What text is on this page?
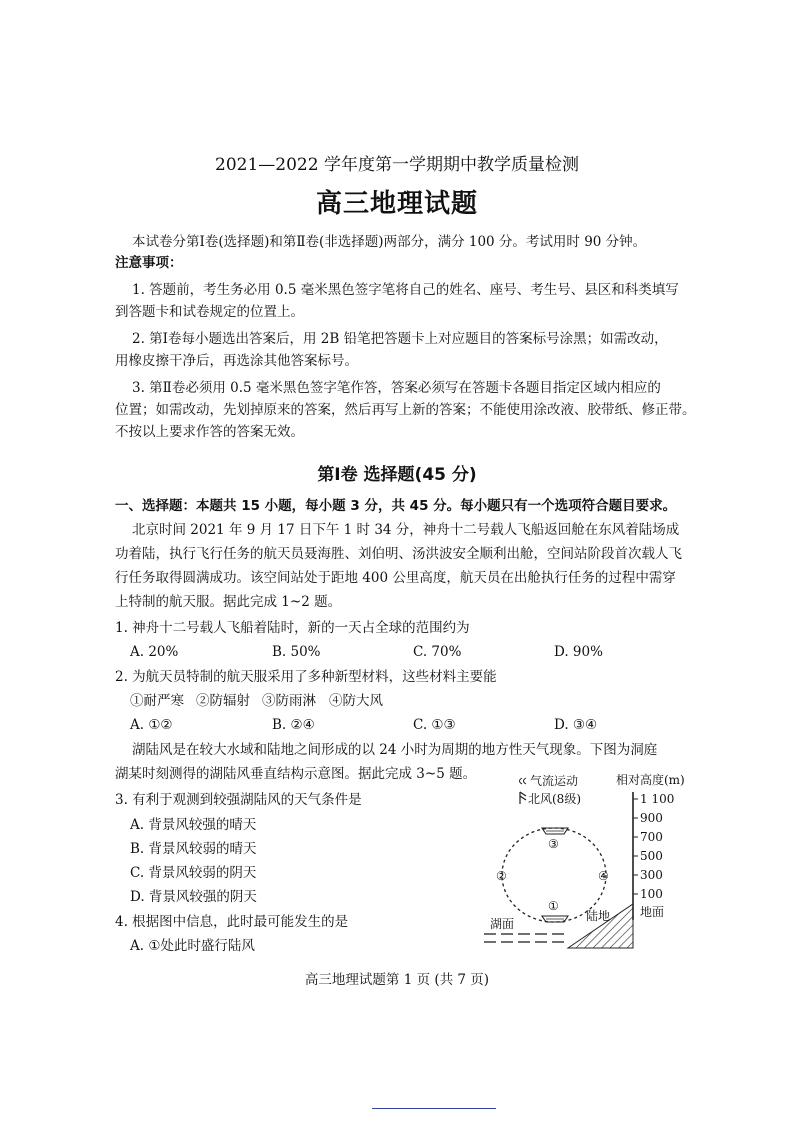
2021—2022 学年度第一学期期中教学质量检测
高三地理试题
本试卷分第Ⅰ卷(选择题)和第Ⅱ卷(非选择题)两部分，满分 100 分。考试用时 90 分钟。
注意事项：
1. 答题前，考生务必用 0.5 毫米黑色签字笔将自己的姓名、座号、考生号、县区和科类填写
到答题卡和试卷规定的位置上。
2. 第Ⅰ卷每小题选出答案后，用 2B 铅笔把答题卡上对应题目的答案标号涂黑；如需改动，
用橡皮擦干净后，再选涂其他答案标号。
3. 第Ⅱ卷必须用 0.5 毫米黑色签字笔作答，答案必须写在答题卡各题目指定区域内相应的
位置；如需改动，先划掉原来的答案，然后再写上新的答案；不能使用涂改液、胶带纸、修正带。
不按以上要求作答的答案无效。
第Ⅰ卷 选择题(45 分)
一、选择题：本题共 15 小题，每小题 3 分，共 45 分。每小题只有一个选项符合题目要求。
北京时间 2021 年 9 月 17 日下午 1 时 34 分，神舟十二号载人飞船返回舱在东风着陆场成
功着陆，执行飞行任务的航天员聂海胜、刘伯明、汤洪波安全顺利出舱，空间站阶段首次载人飞
行任务取得圆满成功。该空间站处于距地 400 公里高度，航天员在出舱执行任务的过程中需穿
上特制的航天服。据此完成 1~2 题。
1. 神舟十二号载人飞船着陆时，新的一天占全球的范围约为
A. 20%	B. 50%	C. 70%	D. 90%
2. 为航天员特制的航天服采用了多种新型材料，这些材料主要能
①耐严寒 ②防辐射 ③防雨淋 ④防大风
A. ①②	B. ②④	C. ①③	D. ③④
湖陆风是在较大水域和陆地之间形成的以 24 小时为周期的地方性天气现象。下图为洞庭
湖某时刻测得的湖陆风垂直结构示意图。据此完成 3~5 题。
3. 有利于观测到较强湖陆风的天气条件是
A. 背景风较强的晴天
B. 背景风较弱的晴天
C. 背景风较弱的阴天
D. 背景风较强的阴天
4. 根据图中信息，此时最可能发生的是
A. ①处此时盛行陆风
气流运动
北风(8级)
相对高度(m)
1 100
900
700
500
300
100
③
②	④
①
湖面
陆地 地面
高三地理试题第 1 页 (共 7 页)
